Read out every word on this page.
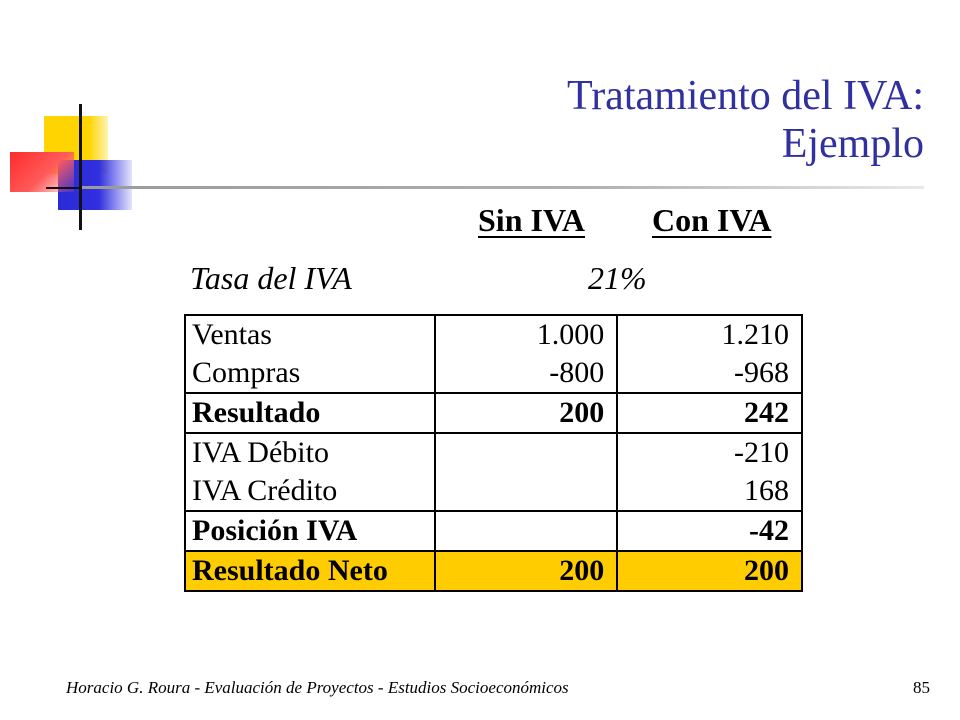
Tratamiento del IVA:
Ejemplo
Sin IVA Con IVA
Tasa del IVA	21%
Ventas	1.000	1.210
Compras	-800	-968
Resultado	200	242
IVA Débito		-210
IVA Crédito		168
Posición IVA		-42
Resultado Neto	200	200
Horacio G. Roura - Evaluación de Proyectos - Estudios Socioeconómicos	85
